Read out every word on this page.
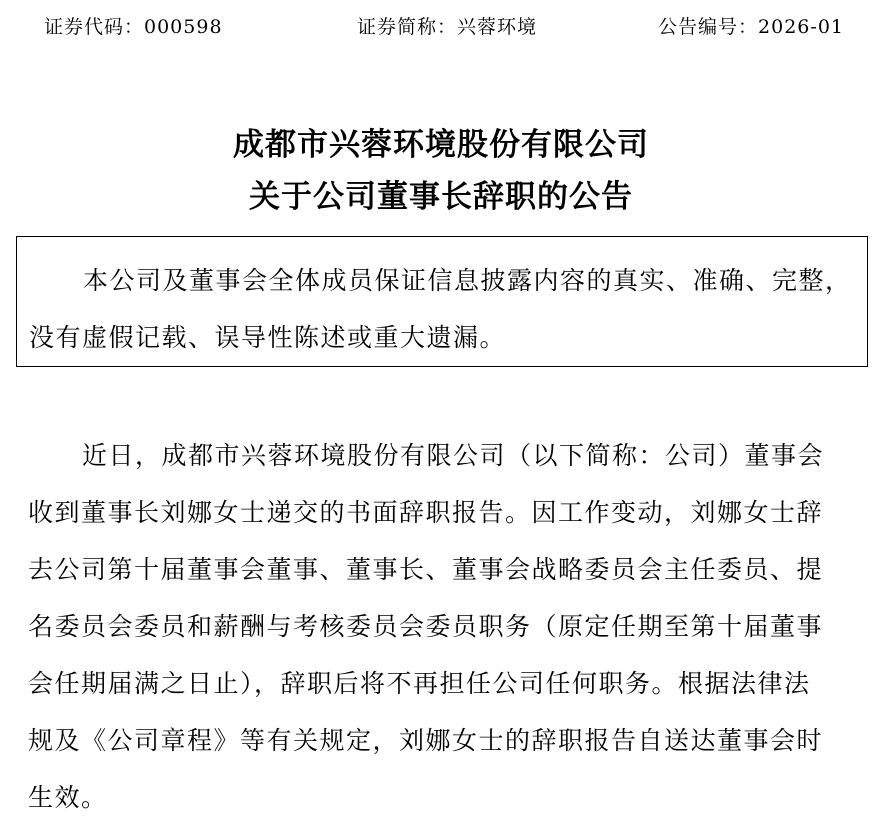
证券代码：000598	证券简称：兴蓉环境	公告编号：2026-01
成都市兴蓉环境股份有限公司
关于公司董事长辞职的公告
本公司及董事会全体成员保证信息披露内容的真实、准确、完整，
没有虚假记载、误导性陈述或重大遗漏。
近日，成都市兴蓉环境股份有限公司（以下简称：公司）董事会
收到董事长刘娜女士递交的书面辞职报告。因工作变动，刘娜女士辞
去公司第十届董事会董事、董事长、董事会战略委员会主任委员、提
名委员会委员和薪酬与考核委员会委员职务（原定任期至第十届董事
会任期届满之日止），辞职后将不再担任公司任何职务。根据法律法
规及《公司章程》等有关规定，刘娜女士的辞职报告自送达董事会时
生效。
